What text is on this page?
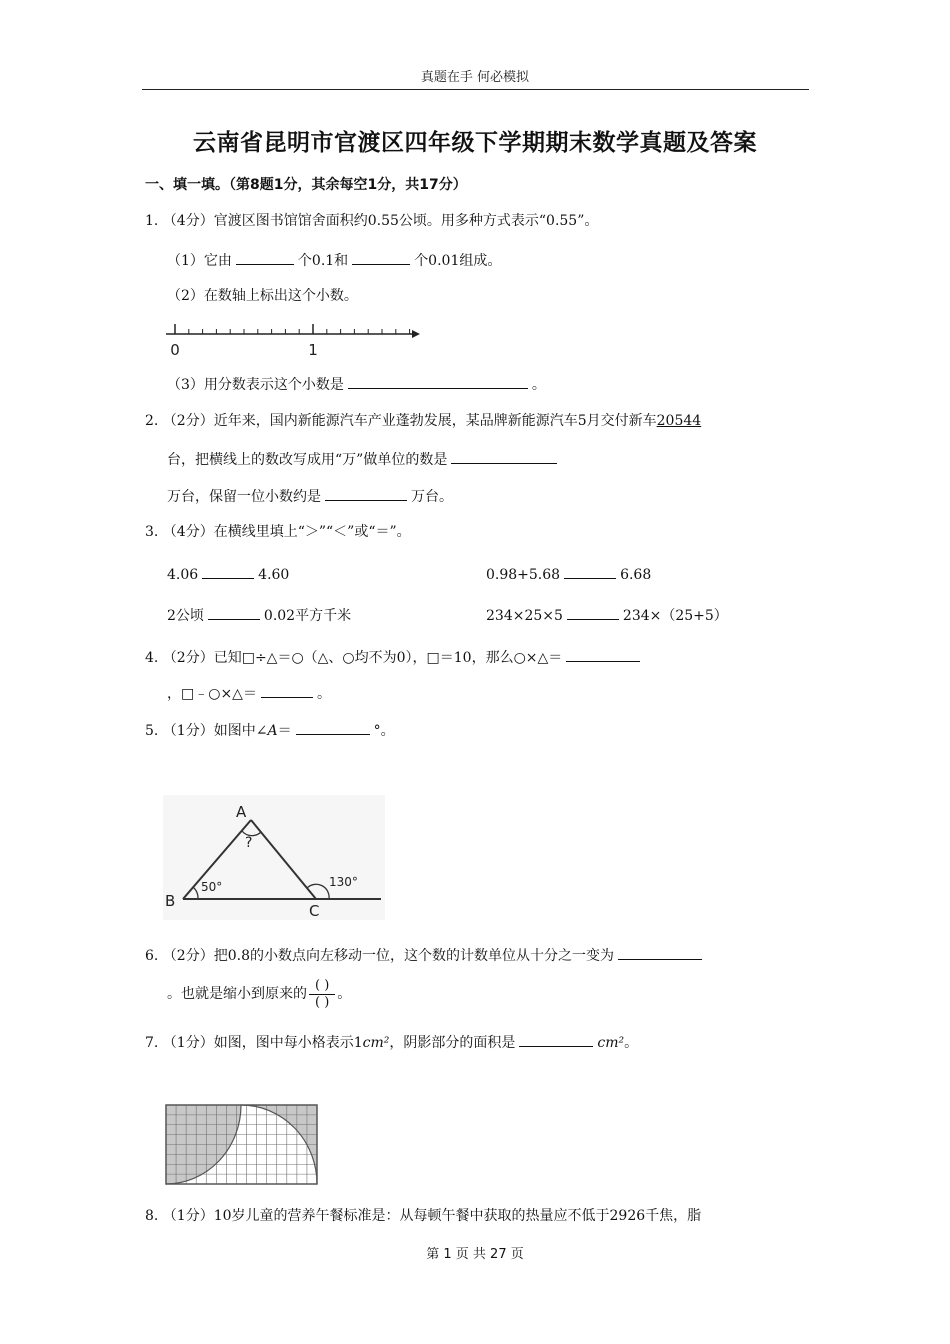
真题在手 何必模拟
云南省昆明市官渡区四年级下学期期末数学真题及答案
一、填一填。（第8题1分，其余每空1分，共17分）
1. （4分）官渡区图书馆馆舍面积约0.55公顷。用多种方式表示“0.55”。
（1）它由	个0.1和	个0.01组成。
（2）在数轴上标出这个小数。
0	1
（3）用分数表示这个小数是	。
2. （2分）近年来，国内新能源汽车产业蓬勃发展，某品牌新能源汽车5月交付新车20544
台，把横线上的数改写成用“万”做单位的数是
万台，保留一位小数约是	万台。
3. （4分）在横线里填上“＞”“＜”或“＝”。
4.06	4.60	0.98+5.68	6.68
2公顷	0.02平方千米	234×25×5	234×（25+5）
4. （2分）已知□÷△＝○（△、○均不为0），□＝10，那么○×△＝
，□﹣○×△＝	。
5. （1分）如图中∠A＝	°。
A
B
C
?
50°	130°
6. （2分）把0.8的小数点向左移动一位，这个数的计数单位从十分之一变为
。也就是缩小到原来的 $\frac{( )}{( )}$ 。
7. （1分）如图，图中每小格表示1cm²，阴影部分的面积是	cm²。
8. （1分）10岁儿童的营养午餐标准是：从每顿午餐中获取的热量应不低于2926千焦，脂
第 1 页 共 27 页
